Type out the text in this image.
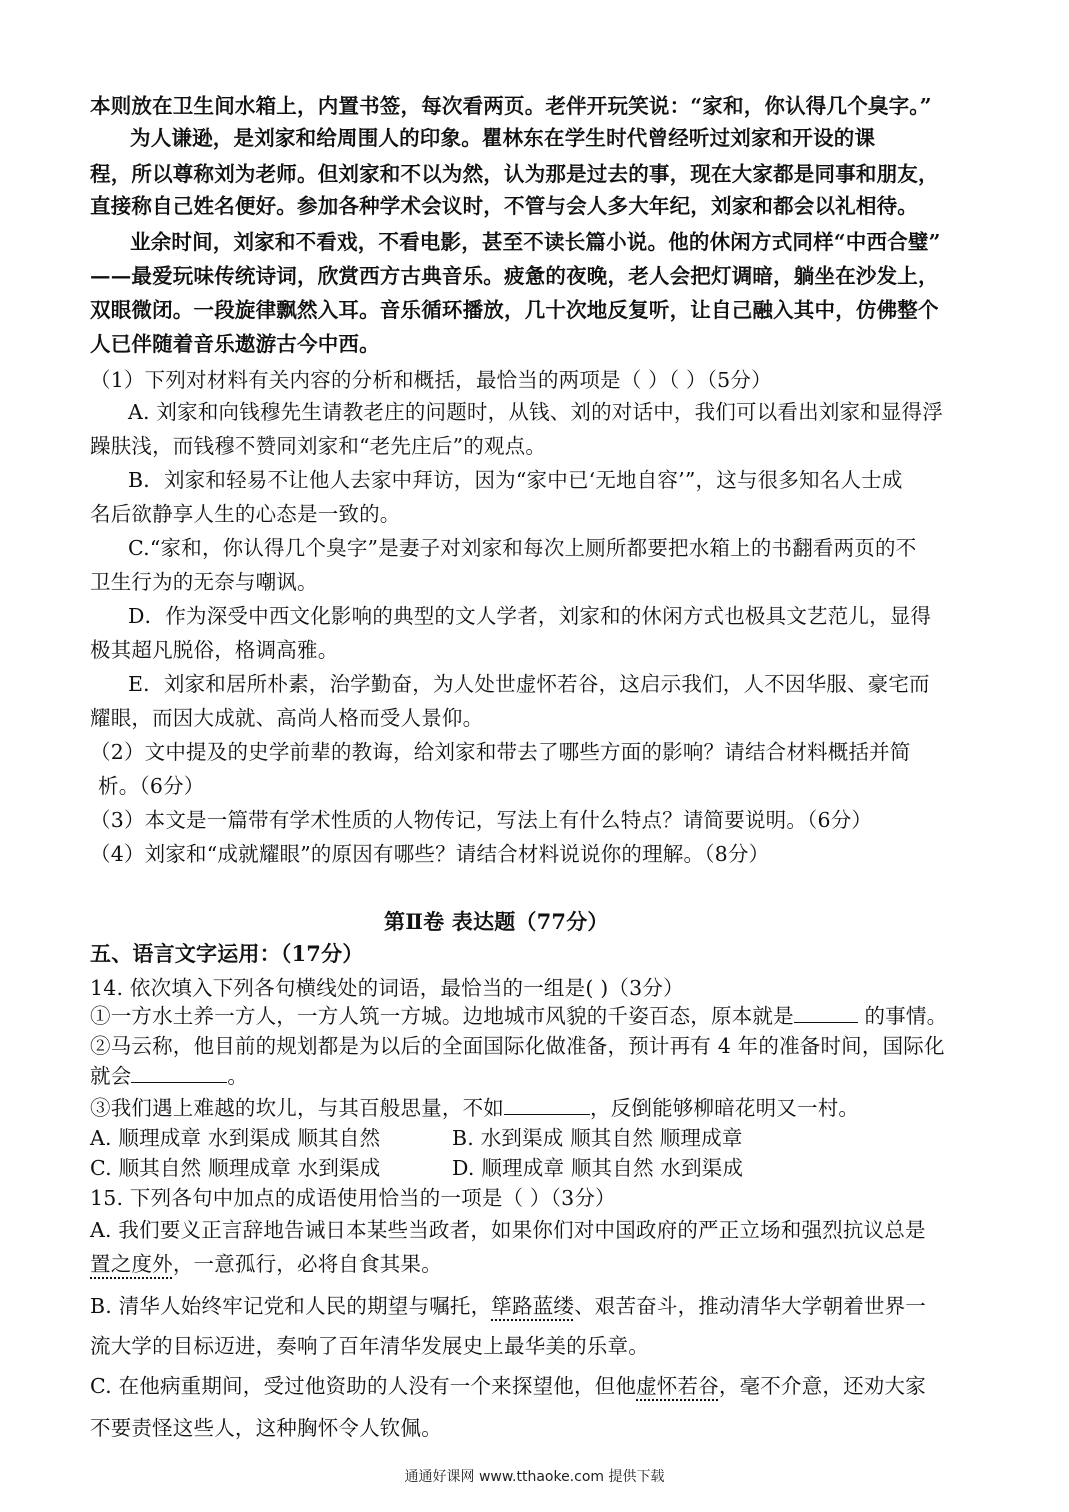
本则放在卫生间水箱上，内置书签，每次看两页。老伴开玩笑说：“家和，你认得几个臭字。”
为人谦逊，是刘家和给周围人的印象。瞿林东在学生时代曾经听过刘家和开设的课
程，所以尊称刘为老师。但刘家和不以为然，认为那是过去的事，现在大家都是同事和朋友，
直接称自己姓名便好。参加各种学术会议时，不管与会人多大年纪，刘家和都会以礼相待。
业余时间，刘家和不看戏，不看电影，甚至不读长篇小说。他的休闲方式同样“中西合璧”
——最爱玩味传统诗词，欣赏西方古典音乐。疲惫的夜晚，老人会把灯调暗，躺坐在沙发上，
双眼微闭。一段旋律飘然入耳。音乐循环播放，几十次地反复听，让自己融入其中，仿佛整个
人已伴随着音乐遨游古今中西。
（1）下列对材料有关内容的分析和概括，最恰当的两项是（ ）（ ）（5分）
A. 刘家和向钱穆先生请教老庄的问题时，从钱、刘的对话中，我们可以看出刘家和显得浮
躁肤浅，而钱穆不赞同刘家和“老先庄后”的观点。
B．刘家和轻易不让他人去家中拜访，因为“家中已‘无地自容’”，这与很多知名人士成
名后欲静享人生的心态是一致的。
C.“家和，你认得几个臭字”是妻子对刘家和每次上厕所都要把水箱上的书翻看两页的不
卫生行为的无奈与嘲讽。
D．作为深受中西文化影响的典型的文人学者，刘家和的休闲方式也极具文艺范儿，显得
极其超凡脱俗，格调高雅。
E．刘家和居所朴素，治学勤奋，为人处世虚怀若谷，这启示我们，人不因华服、豪宅而
耀眼，而因大成就、高尚人格而受人景仰。
（2）文中提及的史学前辈的教诲，给刘家和带去了哪些方面的影响？请结合材料概括并简
析。（6分）
（3）本文是一篇带有学术性质的人物传记，写法上有什么特点？请简要说明。（6分）
（4）刘家和“成就耀眼”的原因有哪些？请结合材料说说你的理解。（8分）
第Ⅱ卷 表达题（77分）
五、语言文字运用：（17分）
14. 依次填入下列各句横线处的词语，最恰当的一组是( )（3分）
①一方水土养一方人，一方人筑一方城。边地城市风貌的千姿百态，原本就是	的事情。
②马云称，他目前的规划都是为以后的全面国际化做准备，预计再有 4 年的准备时间，国际化
就会	。
③我们遇上难越的坎儿，与其百般思量，不如	，反倒能够柳暗花明又一村。
A. 顺理成章 水到渠成 顺其自然	B. 水到渠成 顺其自然 顺理成章
C. 顺其自然 顺理成章 水到渠成	D. 顺理成章 顺其自然 水到渠成
15. 下列各句中加点的成语使用恰当的一项是（ ）（3分）
A. 我们要义正言辞地告诫日本某些当政者，如果你们对中国政府的严正立场和强烈抗议总是
置之度外，一意孤行，必将自食其果。
B. 清华人始终牢记党和人民的期望与嘱托，筚路蓝缕、艰苦奋斗，推动清华大学朝着世界一
流大学的目标迈进，奏响了百年清华发展史上最华美的乐章。
C. 在他病重期间，受过他资助的人没有一个来探望他，但他虚怀若谷，毫不介意，还劝大家
不要责怪这些人，这种胸怀令人钦佩。
通通好课网 www.tthaoke.com 提供下载
